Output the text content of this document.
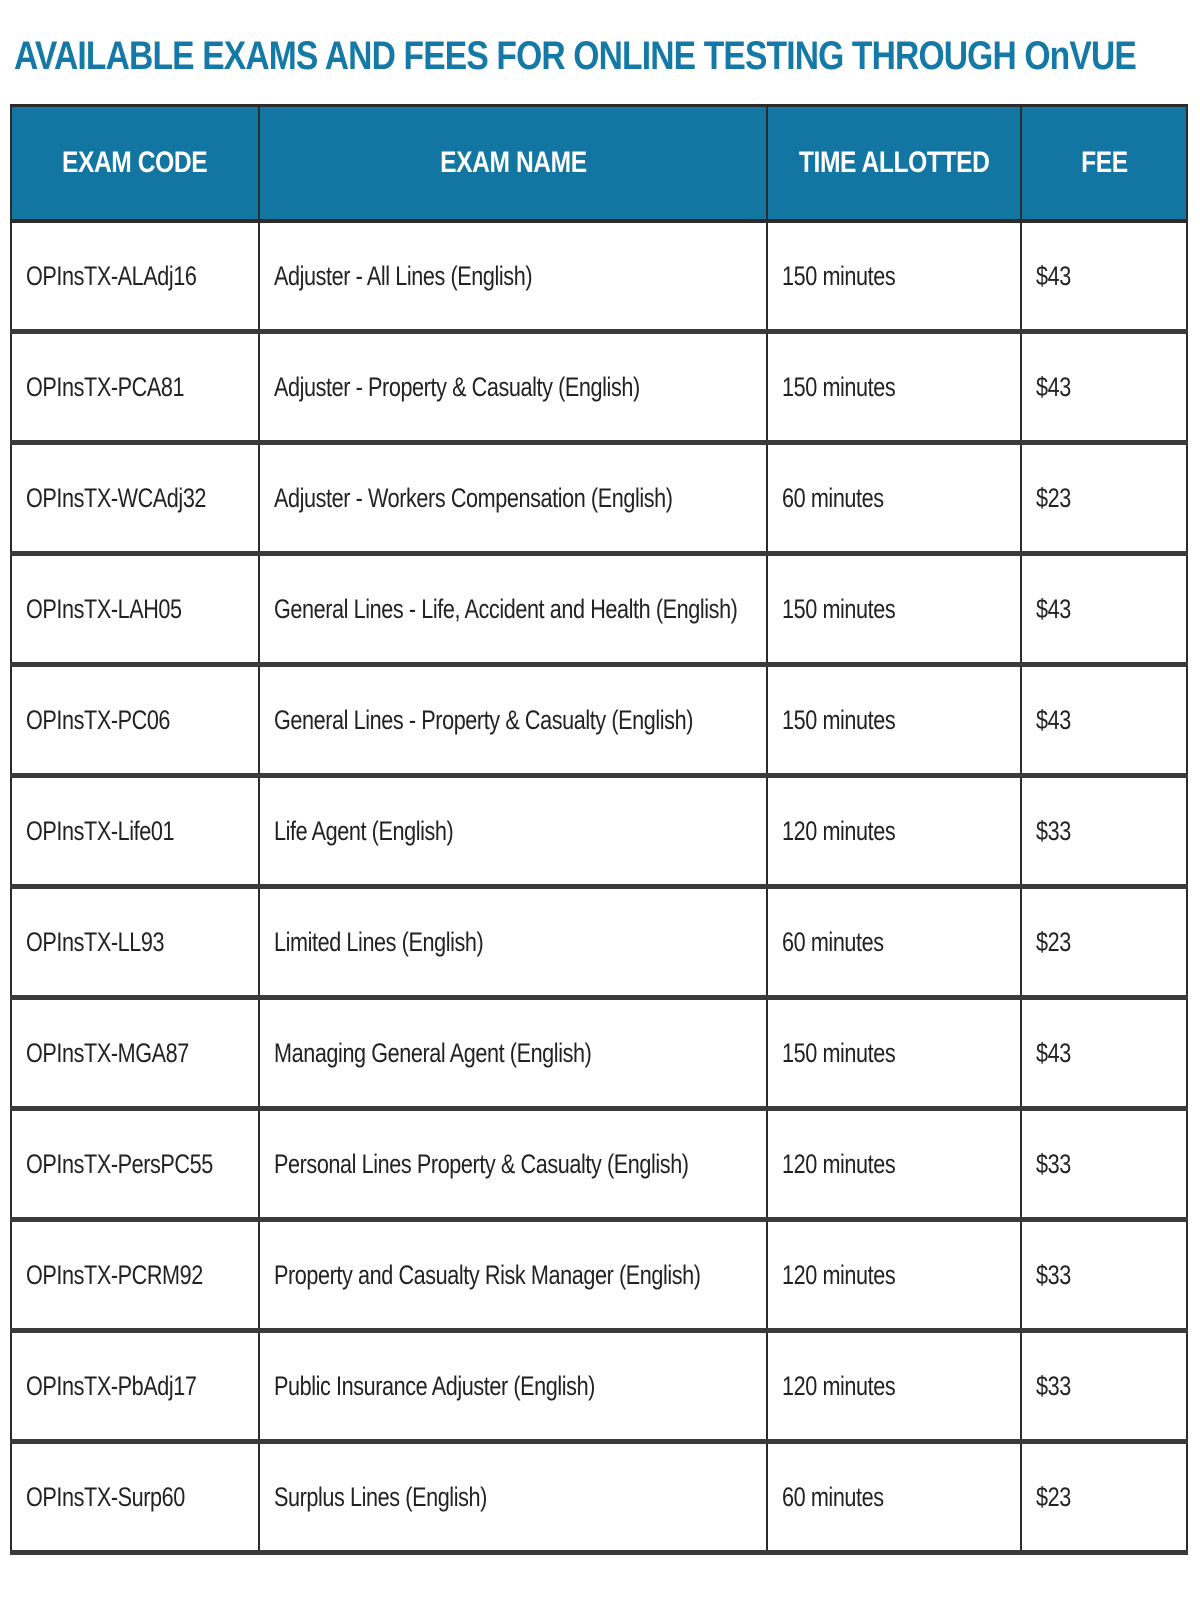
AVAILABLE EXAMS AND FEES FOR ONLINE TESTING THROUGH OnVUE
EXAM CODE	EXAM NAME	TIME ALLOTTED	FEE
OPInsTX-ALAdj16	Adjuster - All Lines (English)	150 minutes	$43
OPInsTX-PCA81	Adjuster - Property & Casualty (English)	150 minutes	$43
OPInsTX-WCAdj32	Adjuster - Workers Compensation (English)	60 minutes	$23
OPInsTX-LAH05	General Lines - Life, Accident and Health (English)	150 minutes	$43
OPInsTX-PC06	General Lines - Property & Casualty (English)	150 minutes	$43
OPInsTX-Life01	Life Agent (English)	120 minutes	$33
OPInsTX-LL93	Limited Lines (English)	60 minutes	$23
OPInsTX-MGA87	Managing General Agent (English)	150 minutes	$43
OPInsTX-PersPC55	Personal Lines Property & Casualty (English)	120 minutes	$33
OPInsTX-PCRM92	Property and Casualty Risk Manager (English)	120 minutes	$33
OPInsTX-PbAdj17	Public Insurance Adjuster (English)	120 minutes	$33
OPInsTX-Surp60	Surplus Lines (English)	60 minutes	$23
